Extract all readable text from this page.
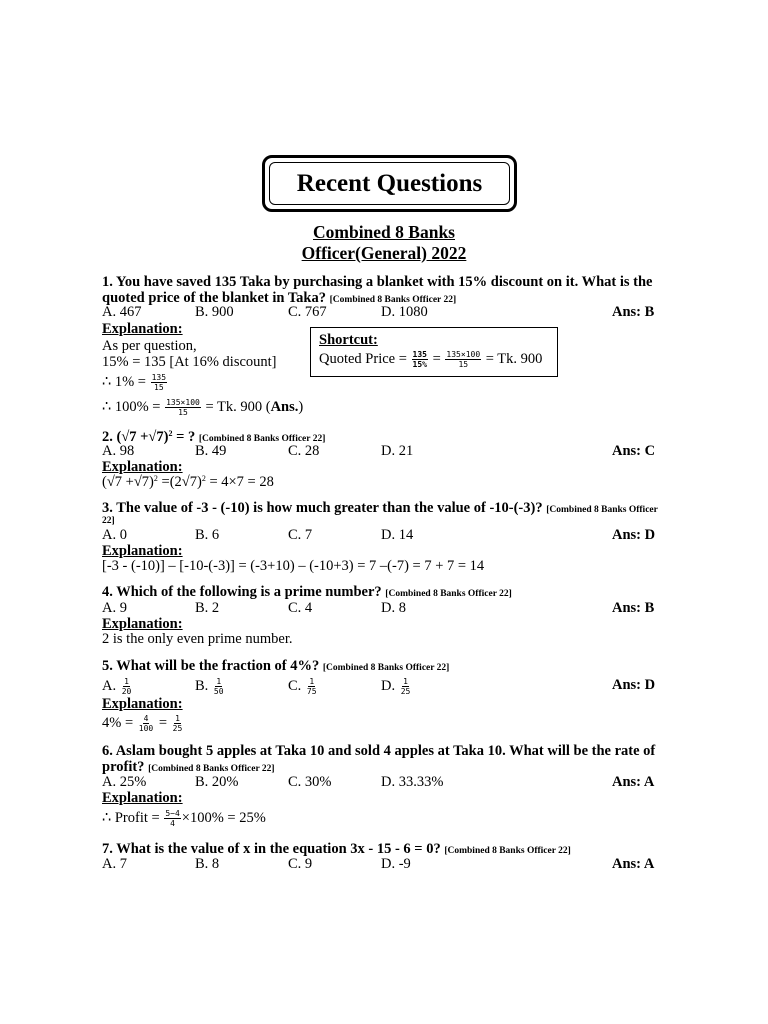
Recent Questions
Combined 8 Banks
Officer(General) 2022
1. You have saved 135 Taka by purchasing a blanket with 15% discount on it. What is the quoted price of the blanket in Taka? [Combined 8 Banks Officer 22]
A. 467	B. 900	C. 767	D. 1080	Ans: B
Explanation:
As per question,
15% = 135 [At 16% discount]
∴ $1\% = \frac{135}{15}$
∴ $100\% = \frac{135\times 100}{15} = Tk$. 900 (Ans.)
Shortcut:
Quoted Price = $\frac{135}{15\%} = \frac{135\times 100}{15} = Tk$. 900
2. $(√7 +√7)^2$ = ? [Combined 8 Banks Officer 22]
A. 98	B. 49	C. 28	D. 21	Ans: C
Explanation:
$(√7 +√7)^2 =(2√7)^2 = 4\times 7 = 28$
3. The value of -3 - (-10) is how much greater than the value of -10-(-3)? [Combined 8 Banks Officer
22]
A. 0	B. 6	C. 7	D. 14	Ans: D
Explanation:
[-3 - (-10)] – [-10-(-3)] = (-3+10) – (-10+3) = 7 –(-7) = 7 + 7 = 14
4. Which of the following is a prime number? [Combined 8 Banks Officer 22]
A. 9	B. 2	C. 4	D. 8	Ans: B
Explanation:
2 is the only even prime number.
5. What will be the fraction of 4%? [Combined 8 Banks Officer 22]
A. $\frac{1}{20}$	B. $\frac{1}{50}$	C. $\frac{1}{75}$	D. $\frac{1}{25}$	Ans: D
Explanation:
$4\% = \frac{4}{100} = \frac{1}{25}$
6. Aslam bought 5 apples at Taka 10 and sold 4 apples at Taka 10. What will be the rate of
profit? [Combined 8 Banks Officer 22]
A. 25%	B. 20%	C. 30%	D. 33.33%	Ans: A
Explanation:
∴ Profit = $\frac{5-4}{4} \times 100\% = 25\%$
7. What is the value of x in the equation 3x - 15 - 6 = 0? [Combined 8 Banks Officer 22]
A. 7	B. 8	C. 9	D. -9	Ans: A
